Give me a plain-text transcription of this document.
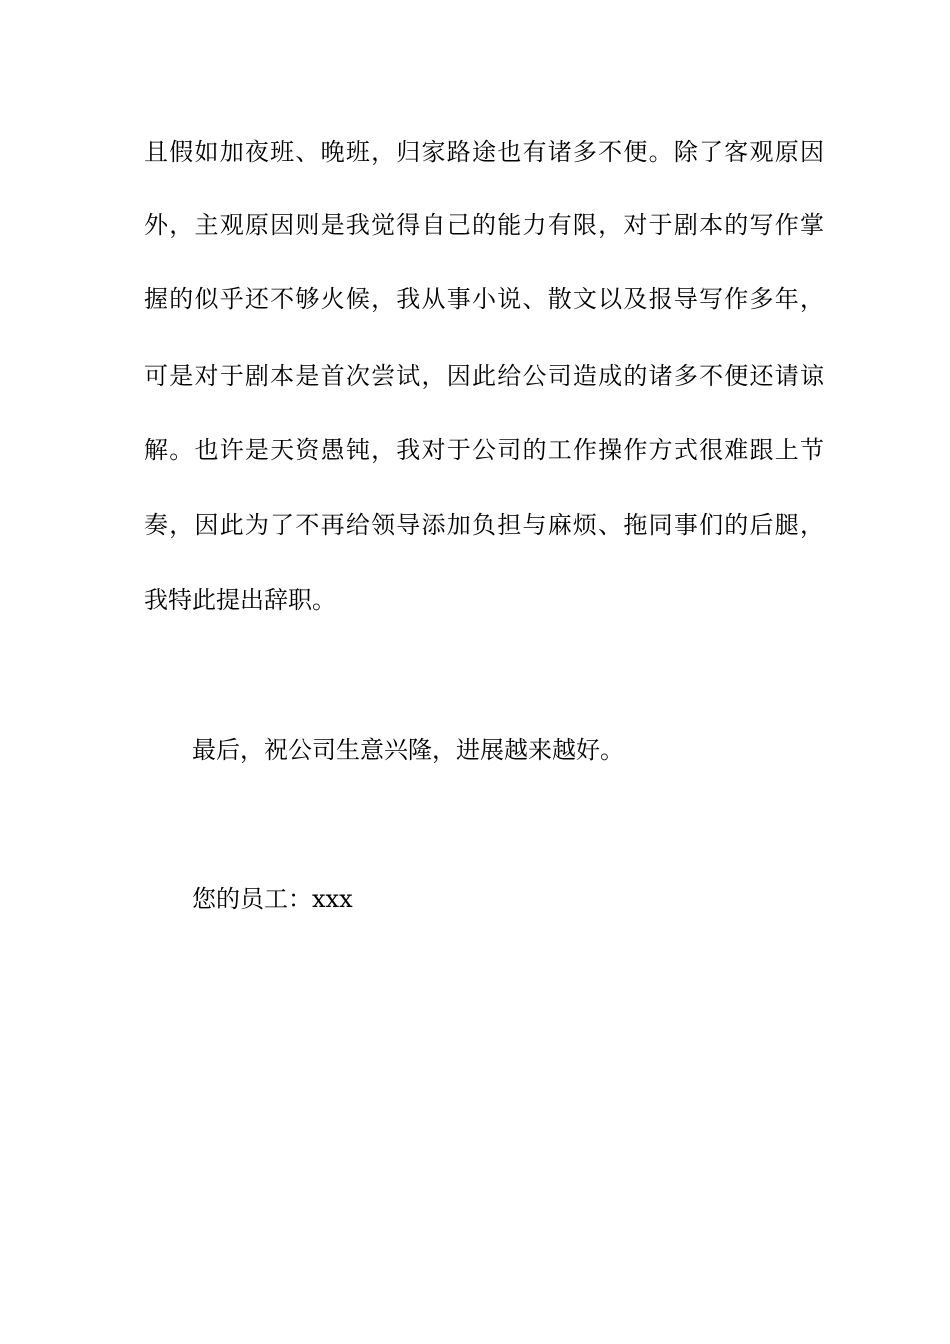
且假如加夜班、晚班，归家路途也有诸多不便。除了客观原因
外，主观原因则是我觉得自己的能力有限，对于剧本的写作掌
握的似乎还不够火候，我从事小说、散文以及报导写作多年，
可是对于剧本是首次尝试，因此给公司造成的诸多不便还请谅
解。也许是天资愚钝，我对于公司的工作操作方式很难跟上节
奏，因此为了不再给领导添加负担与麻烦、拖同事们的后腿，
我特此提出辞职。
最后，祝公司生意兴隆，进展越来越好。
您的员工：xxx
